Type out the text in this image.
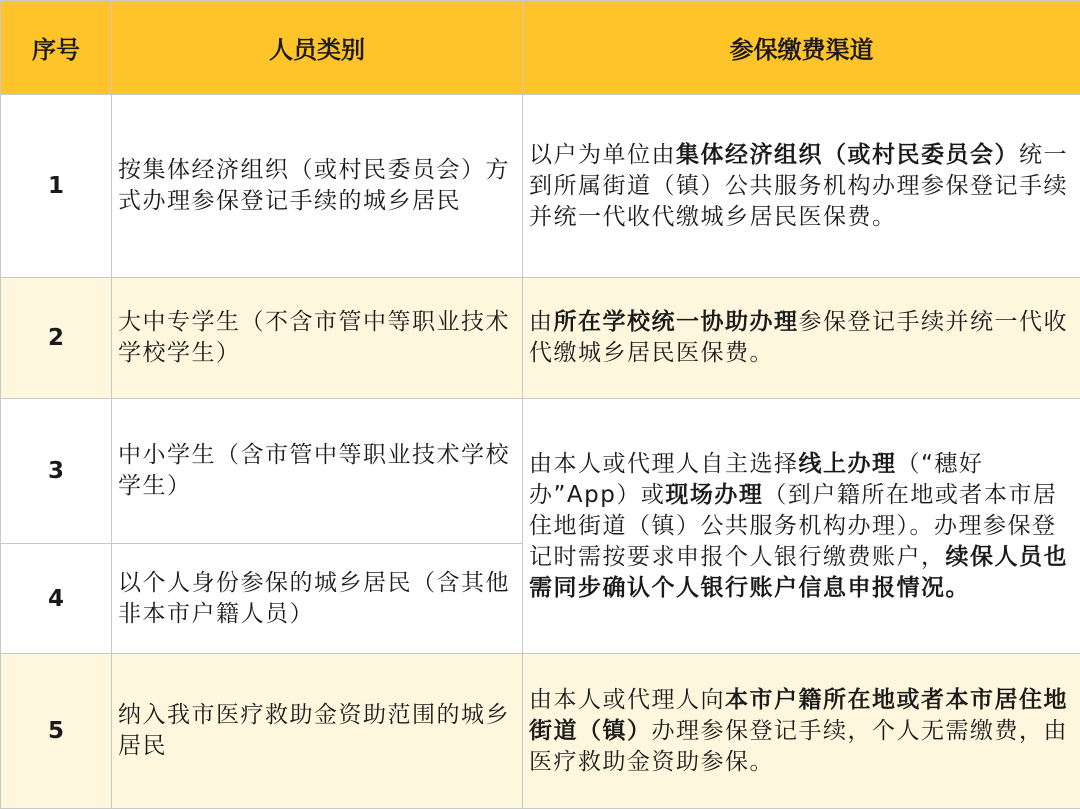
序号	人员类别	参保缴费渠道
1	按集体经济组织（或村民委员会）方式办理参保登记手续的城乡居民	以户为单位由集体经济组织（或村民委员会）统一到所属街道（镇）公共服务机构办理参保登记手续并统一代收代缴城乡居民医保费。
2	大中专学生（不含市管中等职业技术学校学生）	由所在学校统一协助办理参保登记手续并统一代收代缴城乡居民医保费。
3	中小学生（含市管中等职业技术学校学生）	由本人或代理人自主选择线上办理（“穗好办”App）或现场办理（到户籍所在地或者本市居住地街道（镇）公共服务机构办理）。办理参保登记时需按要求申报个人银行缴费账户，续保人员也需同步确认个人银行账户信息申报情况。
4	以个人身份参保的城乡居民（含其他非本市户籍人员）	
5	纳入我市医疗救助金资助范围的城乡居民	由本人或代理人向本市户籍所在地或者本市居住地街道（镇）办理参保登记手续，个人无需缴费，由医疗救助金资助参保。
